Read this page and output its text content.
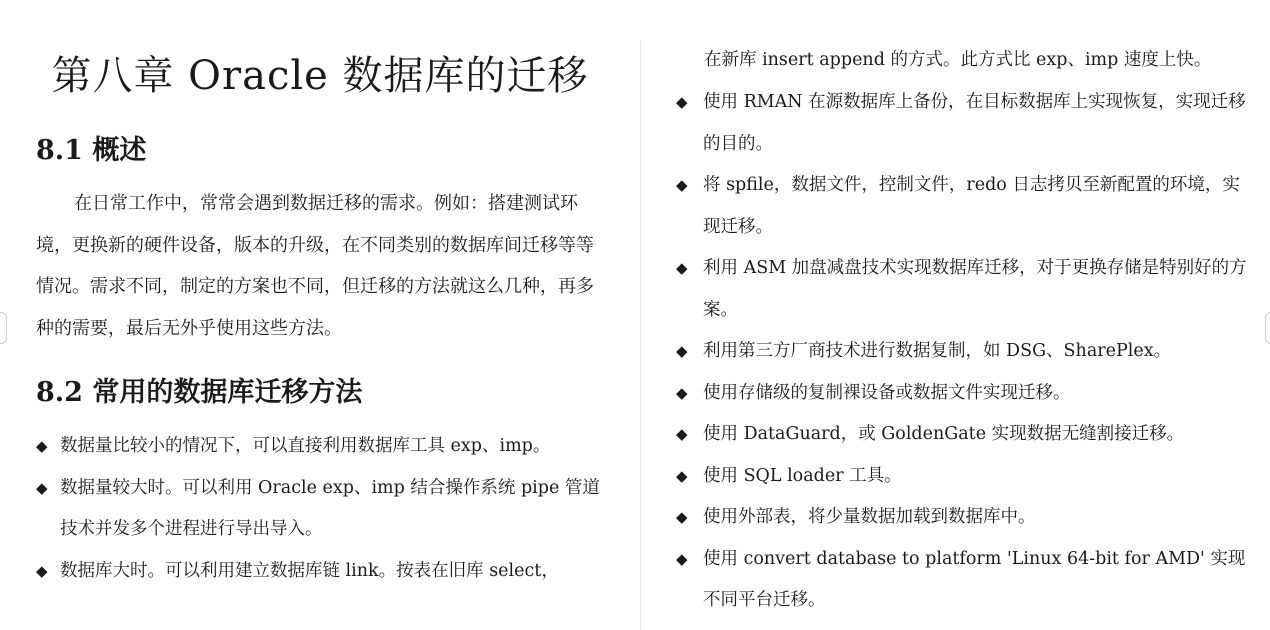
第八章 Oracle 数据库的迁移
8.1 概述

在日常工作中，常常会遇到数据迁移的需求。例如：搭建测试环境，更换新的硬件设备，版本的升级，在不同类别的数据库间迁移等等情况。需求不同，制定的方案也不同，但迁移的方法就这么几种，再多种的需要，最后无外乎使用这些方法。

8.2 常用的数据库迁移方法
◆ 数据量比较小的情况下，可以直接利用数据库工具 exp、imp。
◆ 数据量较大时。可以利用 Oracle exp、imp 结合操作系统 pipe 管道技术并发多个进程进行导出导入。
◆ 数据库大时。可以利用建立数据库链 link。按表在旧库 select，
在新库 insert append 的方式。此方式比 exp、imp 速度上快。
◆ 使用 RMAN 在源数据库上备份，在目标数据库上实现恢复，实现迁移的目的。
◆ 将 spfile，数据文件，控制文件，redo 日志拷贝至新配置的环境，实现迁移。
◆ 利用 ASM 加盘减盘技术实现数据库迁移，对于更换存储是特别好的方案。
◆ 利用第三方厂商技术进行数据复制，如 DSG、SharePlex。
◆ 使用存储级的复制裸设备或数据文件实现迁移。
◆ 使用 DataGuard，或 GoldenGate 实现数据无缝割接迁移。
◆ 使用 SQL loader 工具。
◆ 使用外部表，将少量数据加载到数据库中。
◆ 使用 convert database to platform 'Linux 64-bit for AMD' 实现不同平台迁移。
